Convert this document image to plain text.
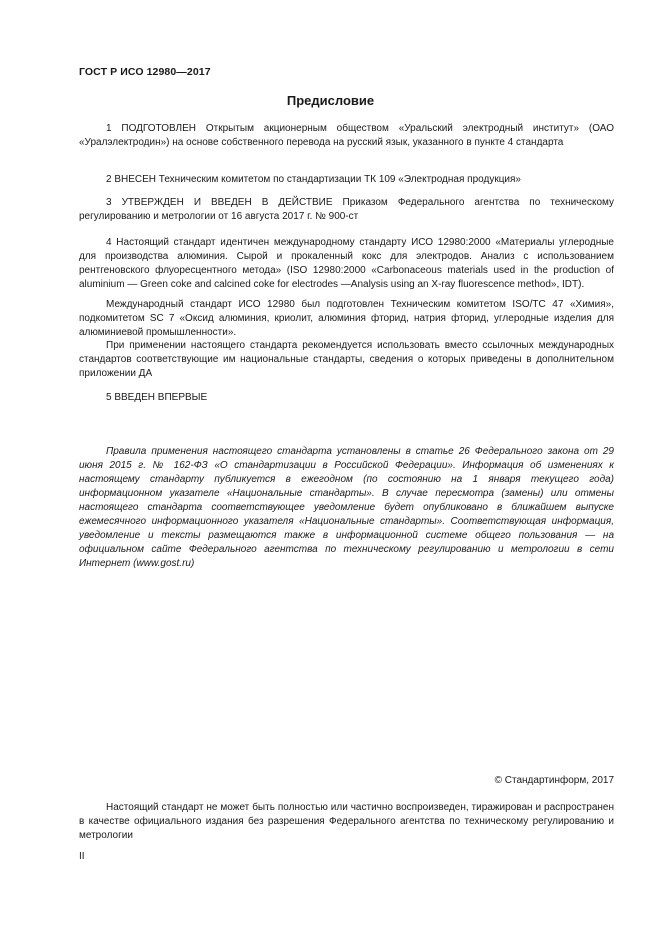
ГОСТ Р ИСО 12980—2017
Предисловие

1 ПОДГОТОВЛЕН Открытым акционерным обществом «Уральский электродный институт» (ОАО «Уралэлектродин») на основе собственного перевода на русский язык, указанного в пункте 4 стандарта

2 ВНЕСЕН Техническим комитетом по стандартизации ТК 109 «Электродная продукция»

3 УТВЕРЖДЕН И ВВЕДЕН В ДЕЙСТВИЕ Приказом Федерального агентства по техническому регулированию и метрологии от 16 августа 2017 г. № 900-ст

4 Настоящий стандарт идентичен международному стандарту ИСО 12980:2000 «Материалы углеродные для производства алюминия. Сырой и прокаленный кокс для электродов. Анализ с использованием рентгеновского флуоресцентного метода» (ISO 12980:2000 «Carbonaceous materials used in the production of aluminium — Green coke and calcined coke for electrodes —Analysis using an X-ray fluorescence method», IDT).

Международный стандарт ИСО 12980 был подготовлен Техническим комитетом ISO/TC 47 «Химия», подкомитетом SC 7 «Оксид алюминия, криолит, алюминия фторид, натрия фторид, углеродные изделия для алюминиевой промышленности».

При применении настоящего стандарта рекомендуется использовать вместо ссылочных международных стандартов соответствующие им национальные стандарты, сведения о которых приведены в дополнительном приложении ДА

5 ВВЕДЕН ВПЕРВЫЕ

Правила применения настоящего стандарта установлены в статье 26 Федерального закона от 29 июня 2015 г. № 162-ФЗ «О стандартизации в Российской Федерации». Информация об изменениях к настоящему стандарту публикуется в ежегодном (по состоянию на 1 января текущего года) информационном указателе «Национальные стандарты». В случае пересмотра (замены) или отмены настоящего стандарта соответствующее уведомление будет опубликовано в ближайшем выпуске ежемесячного информационного указателя «Национальные стандарты». Соответствующая информация, уведомление и тексты размещаются также в информационной системе общего пользования — на официальном сайте Федерального агентства по техническому регулированию и метрологии в сети Интернет (www.gost.ru)

© Стандартинформ, 2017

Настоящий стандарт не может быть полностью или частично воспроизведен, тиражирован и распространен в качестве официального издания без разрешения Федерального агентства по техническому регулированию и метрологии

II
